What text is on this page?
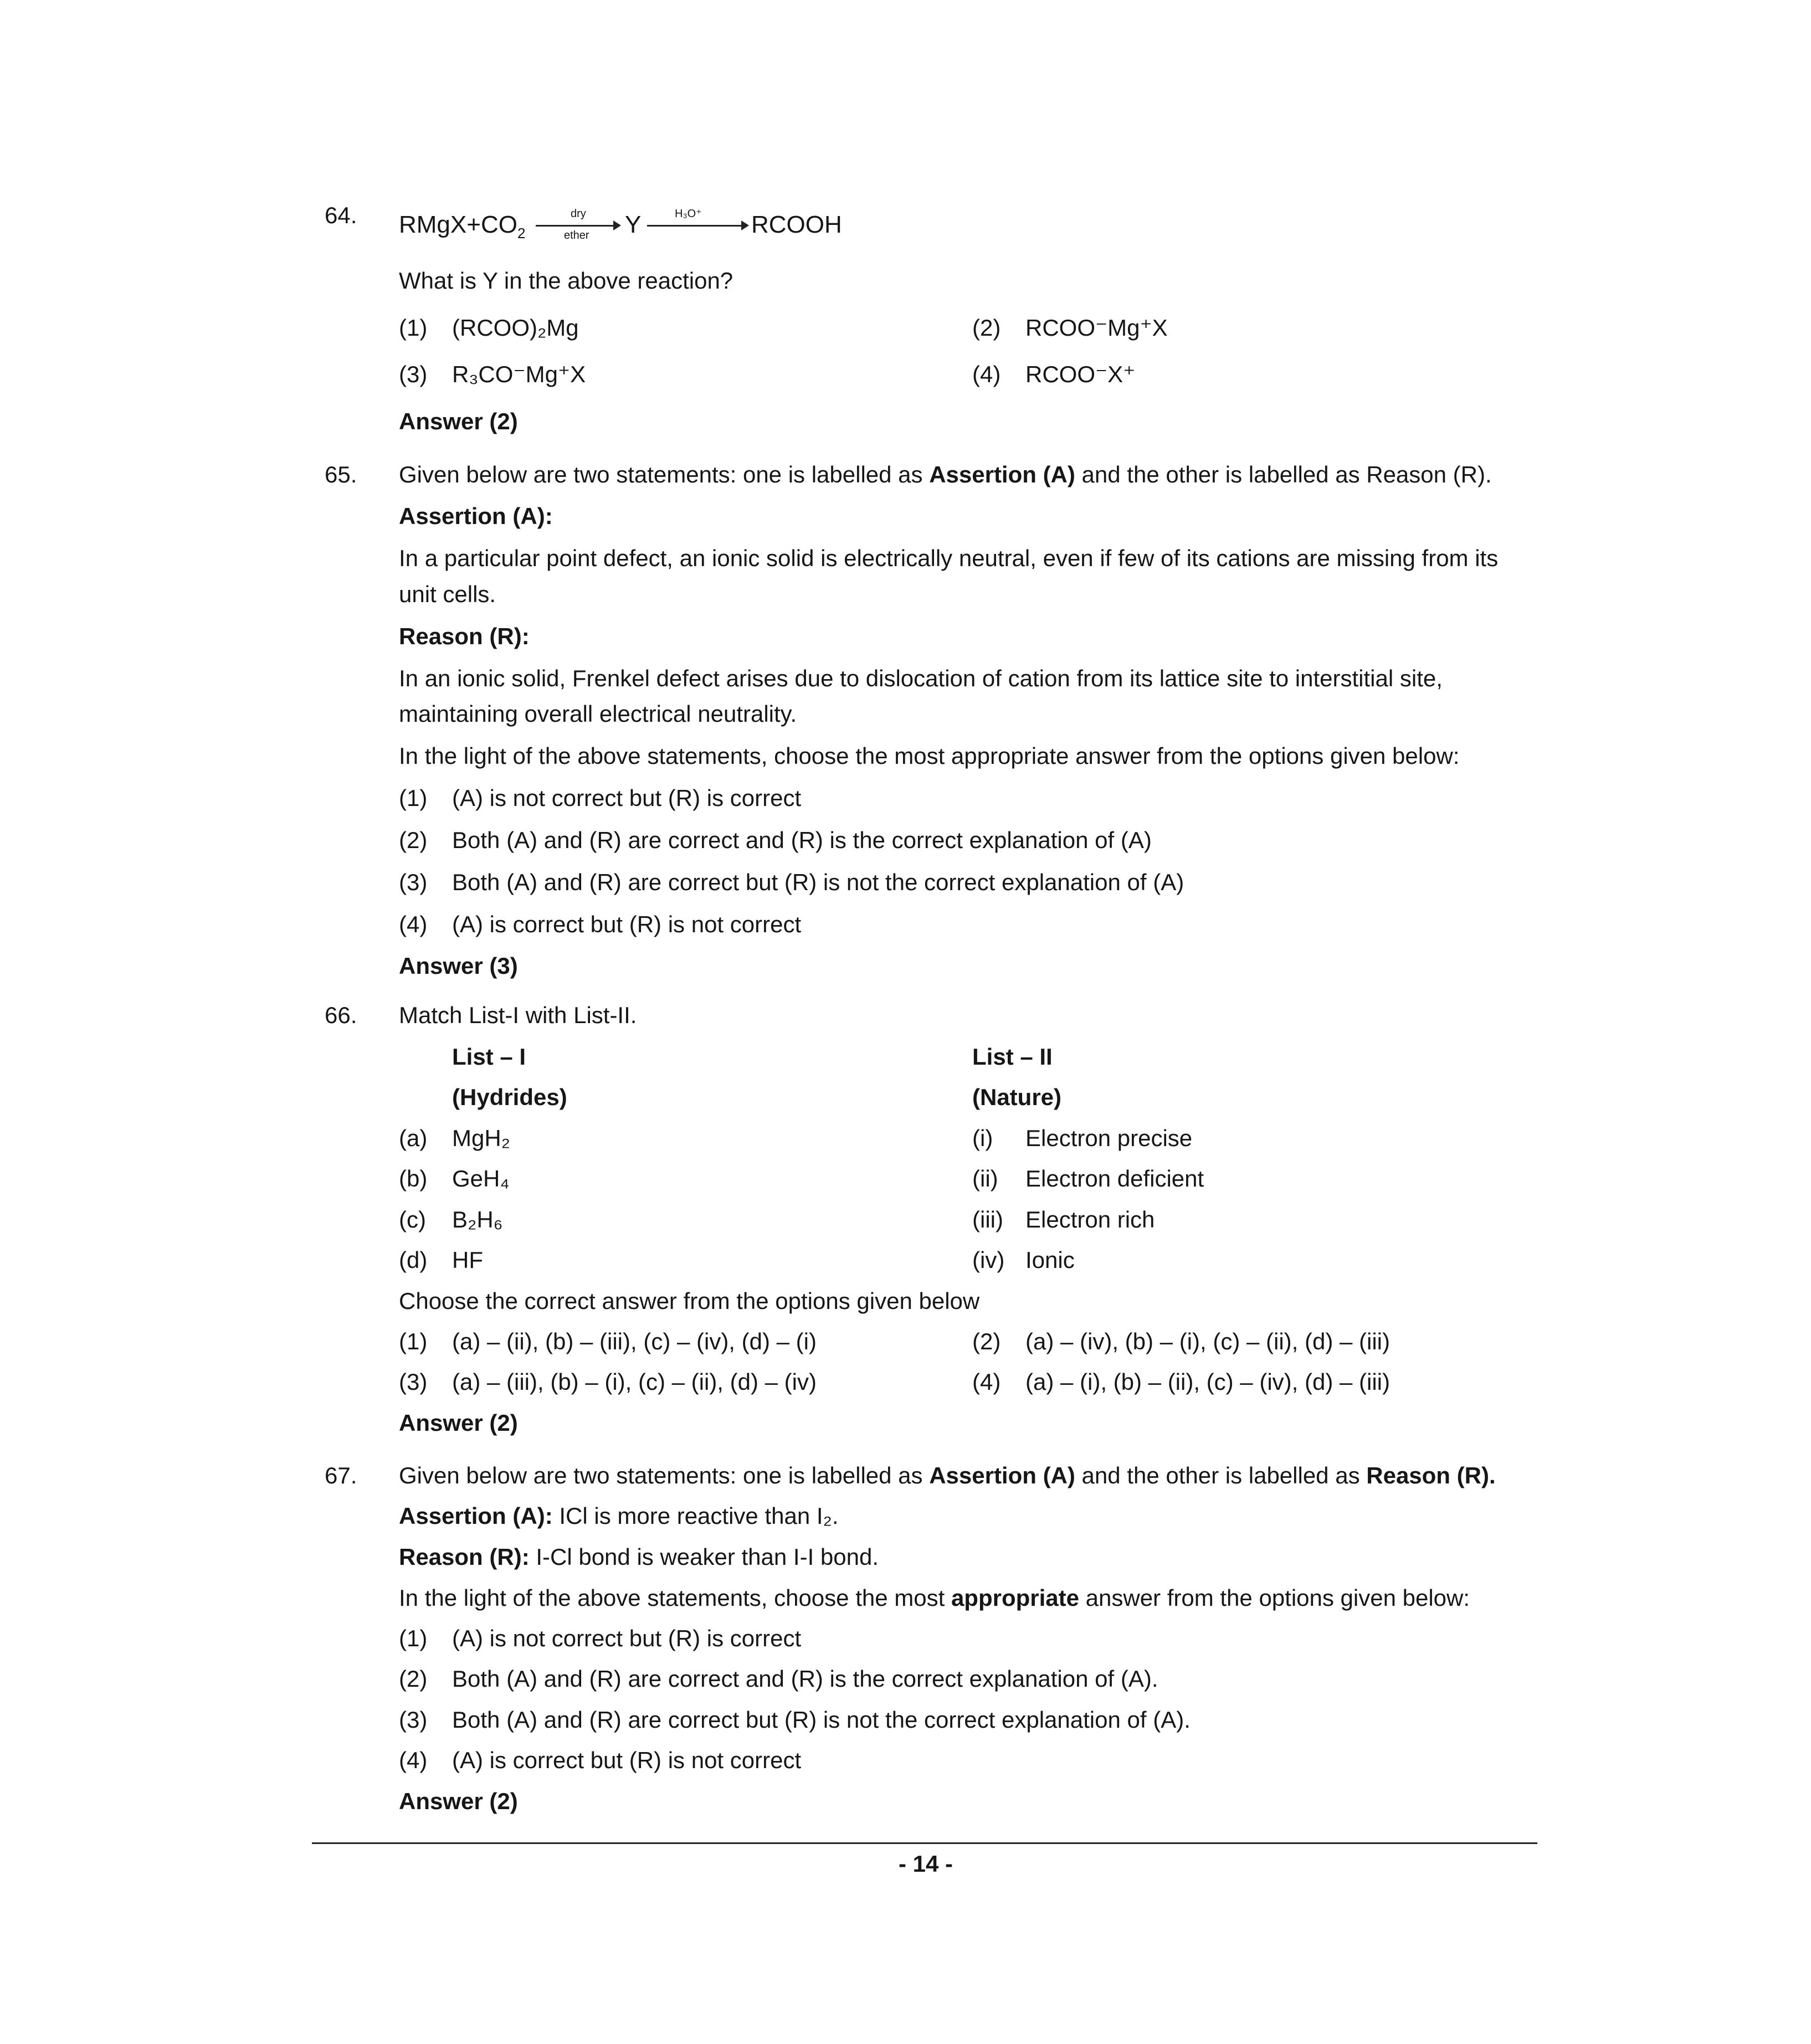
64. $RMgX+CO_2$
dry
ether Y	H₃O⁺ RCOOH
What is Y in the above reaction?
(1) (RCOO)₂Mg	(2) RCOO⁻Mg⁺X
(3) R₃CO⁻Mg⁺X	(4) RCOO⁻X⁺
Answer (2)
65. Given below are two statements: one is labelled as Assertion (A) and the other is labelled as Reason (R).
Assertion (A):
In a particular point defect, an ionic solid is electrically neutral, even if few of its cations are missing from its
unit cells.
Reason (R):
In an ionic solid, Frenkel defect arises due to dislocation of cation from its lattice site to interstitial site,
maintaining overall electrical neutrality.
In the light of the above statements, choose the most appropriate answer from the options given below:
(1) (A) is not correct but (R) is correct
(2) Both (A) and (R) are correct and (R) is the correct explanation of (A)
(3) Both (A) and (R) are correct but (R) is not the correct explanation of (A)
(4) (A) is correct but (R) is not correct
Answer (3)
66. Match List-I with List-II.
List – I	List – II
(Hydrides)	(Nature)
(a) MgH₂	(i) Electron precise
(b) GeH₄	(ii) Electron deficient
(c) B₂H₆	(iii) Electron rich
(d) HF	(iv) Ionic
Choose the correct answer from the options given below
(1) (a) – (ii), (b) – (iii), (c) – (iv), (d) – (i)	(2) (a) – (iv), (b) – (i), (c) – (ii), (d) – (iii)
(3) (a) – (iii), (b) – (i), (c) – (ii), (d) – (iv)	(4) (a) – (i), (b) – (ii), (c) – (iv), (d) – (iii)
Answer (2)
67. Given below are two statements: one is labelled as Assertion (A) and the other is labelled as Reason (R).
Assertion (A): ICl is more reactive than I₂.
Reason (R): I-Cl bond is weaker than I-I bond.
In the light of the above statements, choose the most appropriate answer from the options given below:
(1) (A) is not correct but (R) is correct
(2) Both (A) and (R) are correct and (R) is the correct explanation of (A).
(3) Both (A) and (R) are correct but (R) is not the correct explanation of (A).
(4) (A) is correct but (R) is not correct
Answer (2)
- 14 -
